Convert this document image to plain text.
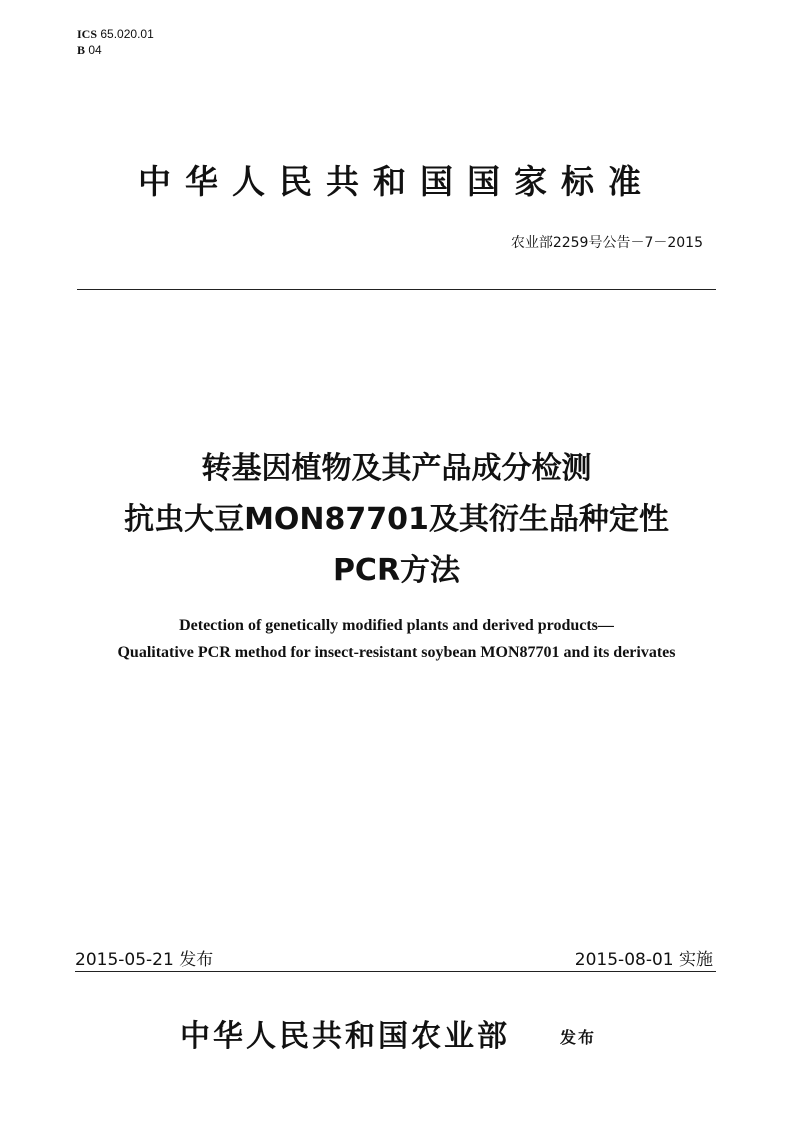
ICS 65.020.01
B 04
中华人民共和国国家标准
农业部2259号公告－7－2015
转基因植物及其产品成分检测
抗虫大豆MON87701及其衍生品种定性
PCR方法
Detection of genetically modified plants and derived products—
Qualitative PCR method for insect-resistant soybean MON87701 and its derivates
2015-05-21 发布	2015-08-01 实施
中华人民共和国农业部	发布
